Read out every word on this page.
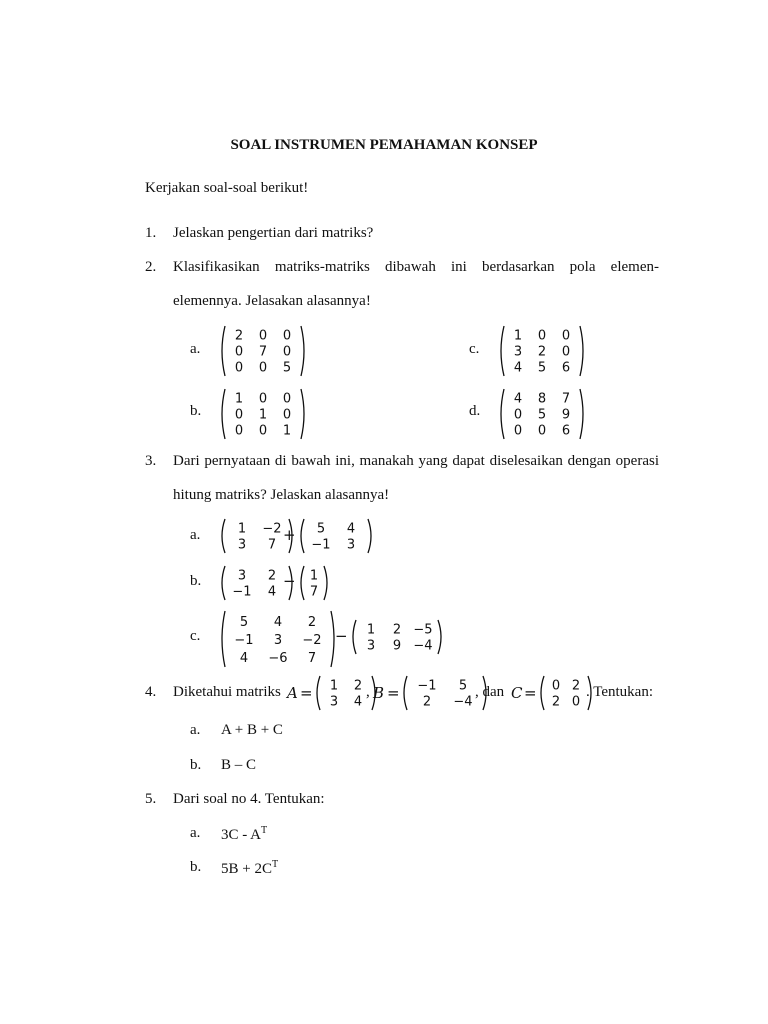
SOAL INSTRUMEN PEMAHAMAN KONSEP
Kerjakan soal-soal berikut!
1. Jelaskan pengertian dari matriks?
2. Klasifikasikan matriks-matriks dibawah ini berdasarkan pola elemen-
elemennya. Jelasakan alasannya!
a.	c.
b.	d.
2 0 0
0 7 0
0 0 5
1 0 0
0 1 0
0 0 1
1 0 0
3 2 0
4 5 6
4 8 7
0 5 9
0 0 6
3. Dari pernyataan di bawah ini, manakah yang dapat diselesaikan dengan operasi
hitung matriks? Jelaskan alasannya!
a.	1 −2
3 7
+ 5 4
−1 3
b.	3 2
−1 4
− 1
7
c.
5 4 2
−1 3 −2
4 −6 7
− 1 2 −5
3 9 −4
4. Diketahui matriks A = 1 2
3 4
, B = −1 5
2 −4
, dan C = 0 2
2 0
. Tentukan:
a. A + B + C
b. B – C
5. Dari soal no 4. Tentukan:
a. $3C - A^T$
b. $5B + 2C^T$
